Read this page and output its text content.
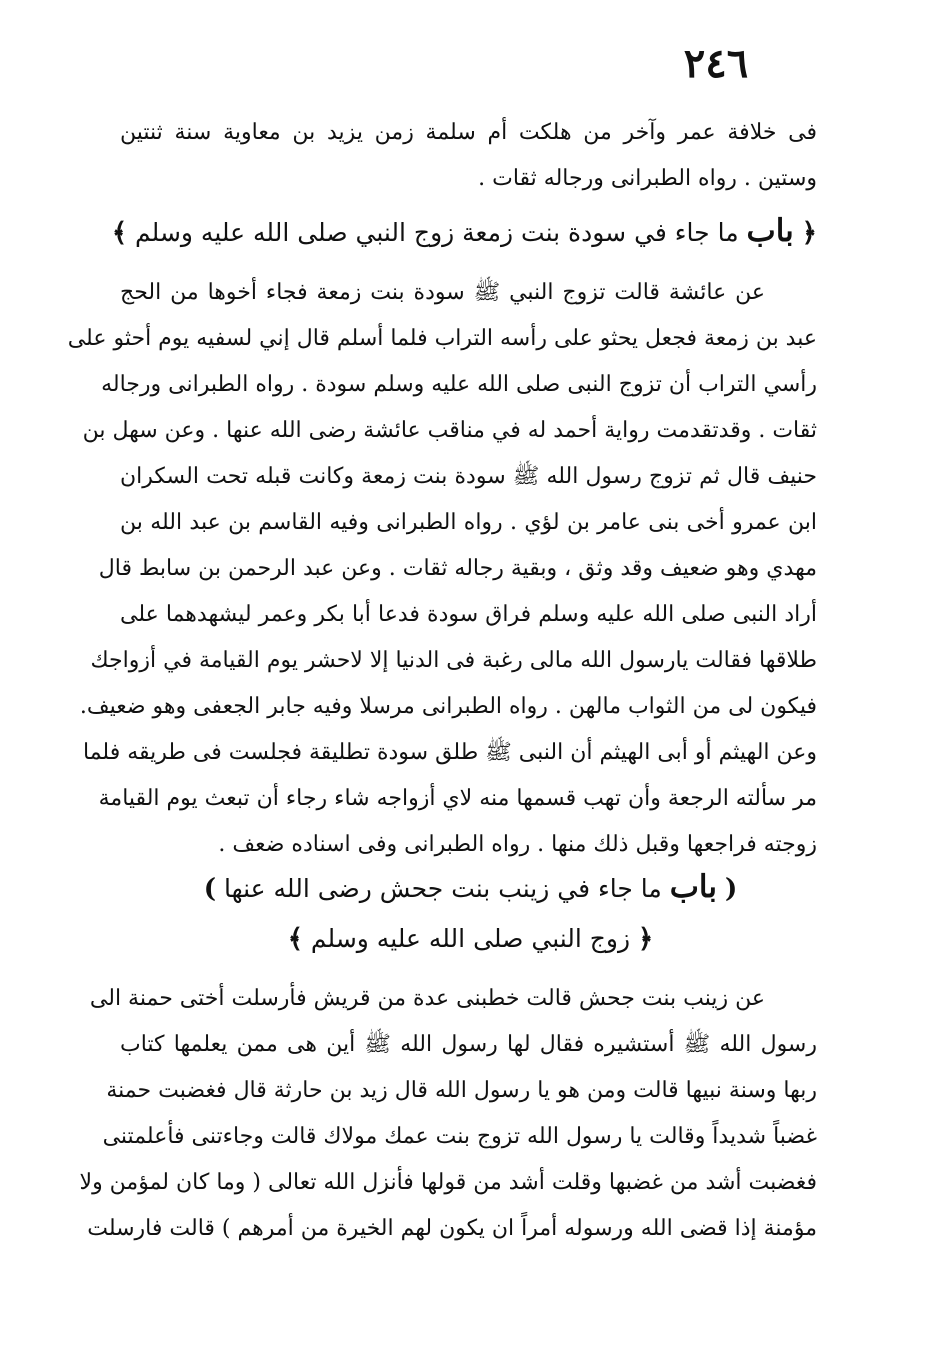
٢٤٦
فى خلافة عمر وآخر من هلكت أم سلمة زمن يزيد بن معاوية سنة ثنتين
وستين . رواه الطبرانى ورجاله ثقات .
﴿ باب ما جاء في سودة بنت زمعة زوج النبي صلى الله عليه وسلم ﴾
عن عائشة قالت تزوج النبي ﷺ سودة بنت زمعة فجاء أخوها من الحج
عبد بن زمعة فجعل يحثو على رأسه التراب فلما أسلم قال إني لسفيه يوم أحثو على
رأسي التراب أن تزوج النبى صلى الله عليه وسلم سودة . رواه الطبرانى ورجاله
ثقات . وقدتقدمت رواية أحمد له في مناقب عائشة رضى الله عنها . وعن سهل بن
حنيف قال ثم تزوج رسول الله ﷺ سودة بنت زمعة وكانت قبله تحت السكران
ابن عمرو أخى بنى عامر بن لؤي . رواه الطبرانى وفيه القاسم بن عبد الله بن
مهدي وهو ضعيف وقد وثق ، وبقية رجاله ثقات . وعن عبد الرحمن بن سابط قال
أراد النبى صلى الله عليه وسلم فراق سودة فدعا أبا بكر وعمر ليشهدهما على
طلاقها فقالت يارسول الله مالى رغبة فى الدنيا إلا لاحشر يوم القيامة في أزواجك
فيكون لى من الثواب مالهن . رواه الطبرانى مرسلا وفيه جابر الجعفى وهو ضعيف.
وعن الهيثم أو أبى الهيثم أن النبى ﷺ طلق سودة تطليقة فجلست فى طريقه فلما
مر سألته الرجعة وأن تهب قسمها منه لاي أزواجه شاء رجاء أن تبعث يوم القيامة
زوجته فراجعها وقبل ذلك منها . رواه الطبرانى وفى اسناده ضعف .
( باب ما جاء في زينب بنت جحش رضى الله عنها )
﴿ زوج النبي صلى الله عليه وسلم ﴾
عن زينب بنت جحش قالت خطبنى عدة من قريش فأرسلت أختى حمنة الى
رسول الله ﷺ أستشيره فقال لها رسول الله ﷺ أين هى ممن يعلمها كتاب
ربها وسنة نبيها قالت ومن هو يا رسول الله قال زيد بن حارثة قال فغضبت حمنة
غضباً شديداً وقالت يا رسول الله تزوج بنت عمك مولاك قالت وجاءتنى فأعلمتنى
فغضبت أشد من غضبها وقلت أشد من قولها فأنزل الله تعالى ( وما كان لمؤمن ولا
مؤمنة إذا قضى الله ورسوله أمراً ان يكون لهم الخيرة من أمرهم ) قالت فارسلت
